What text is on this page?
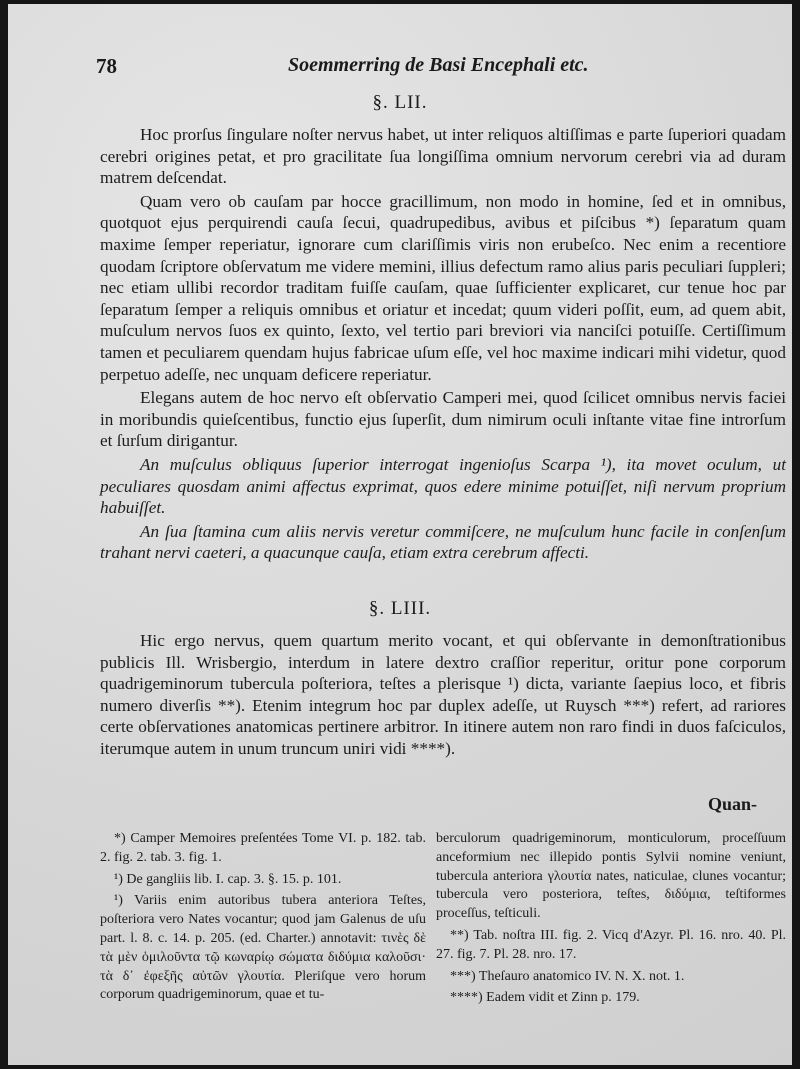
78	Soemmerring de Basi Encephali etc.
§. LII.

Hoc prorſus ſingulare noſter nervus habet, ut inter reliquos altiſſimas e parte ſuperiori quadam cerebri origines petat, et pro gracilitate ſua longiſſima omnium nervorum cerebri via ad duram matrem deſcendat.

Quam vero ob cauſam par hocce gracillimum, non modo in homine, ſed et in omnibus, quotquot ejus perquirendi cauſa ſecui, quadrupedibus, avibus et piſcibus *) ſeparatum quam maxime ſemper reperiatur, ignorare cum clariſſimis viris non erubeſco. Nec enim a recentiore quodam ſcriptore obſervatum me videre memini, illius defectum ramo alius paris peculiari ſuppleri; nec etiam ullibi recordor traditam fuiſſe cauſam, quae ſufficienter explicaret, cur tenue hoc par ſeparatum ſemper a reliquis omnibus et oriatur et incedat; quum videri poſſit, eum, ad quem abit, muſculum nervos ſuos ex quinto, ſexto, vel tertio pari breviori via nanciſci potuiſſe. Certiſſimum tamen et peculiarem quendam hujus fabricae uſum eſſe, vel hoc maxime indicari mihi videtur, quod perpetuo adeſſe, nec unquam deficere reperiatur.

Elegans autem de hoc nervo eſt obſervatio Camperi mei, quod ſcilicet omnibus nervis faciei in moribundis quieſcentibus, functio ejus ſuperſit, dum nimirum oculi inſtante vitae fine introrſum et ſurſum dirigantur.

An muſculus obliquus ſuperior interrogat ingenioſus Scarpa ¹), ita movet oculum, ut peculiares quosdam animi affectus exprimat, quos edere minime potuiſſet, niſi nervum proprium habuiſſet.

An ſua ſtamina cum aliis nervis veretur commiſcere, ne muſculum hunc facile in conſenſum trahant nervi caeteri, a quacunque cauſa, etiam extra cerebrum affecti.

§. LIII.

Hic ergo nervus, quem quartum merito vocant, et qui obſervante in demonſtrationibus publicis Ill. Wrisbergio, interdum in latere dextro craſſior reperitur, oritur pone corporum quadrigeminorum tubercula poſteriora, teſtes a plerisque ¹) dicta, variante ſaepius loco, et fibris numero diverſis **). Etenim integrum hoc par duplex adeſſe, ut Ruysch ***) refert, ad rariores certe obſervationes anatomicas pertinere arbitror. In itinere autem non raro findi in duos faſciculos, iterumque autem in unum truncum uniri vidi ****).

Quan-

*) Camper Memoires preſentées Tome VI. p. 182. tab. 2. fig. 2. tab. 3. fig. 1.

¹) De gangliis lib. I. cap. 3. §. 15. p. 101.

¹) Variis enim autoribus tubera anteriora Teſtes, poſteriora vero Nates vocantur; quod jam Galenus de uſu part. l. 8. c. 14. p. 205. (ed. Charter.) annotavit: τινὲς δὲ τὰ μὲν ὁμιλοῦντα τῷ κωναρίῳ σώματα διδύμια καλοῦσι· τὰ δ᾽ ἐφεξῆς αὐτῶν γλουτία. Pleriſque vero horum corporum quadrigeminorum, quae et tu-

berculorum quadrigeminorum, monticulorum, proceſſuum anceformium nec illepido pontis Sylvii nomine veniunt, tubercula anteriora γλουτία nates, naticulae, clunes vocantur; tubercula vero posteriora, teſtes, διδύμια, teſtiformes proceſſus, teſticuli.

**) Tab. noſtra III. fig. 2. Vicq d'Azyr. Pl. 16. nro. 40. Pl. 27. fig. 7. Pl. 28. nro. 17.

***) Theſauro anatomico IV. N. X. not. 1.

****) Eadem vidit et Zinn p. 179.
